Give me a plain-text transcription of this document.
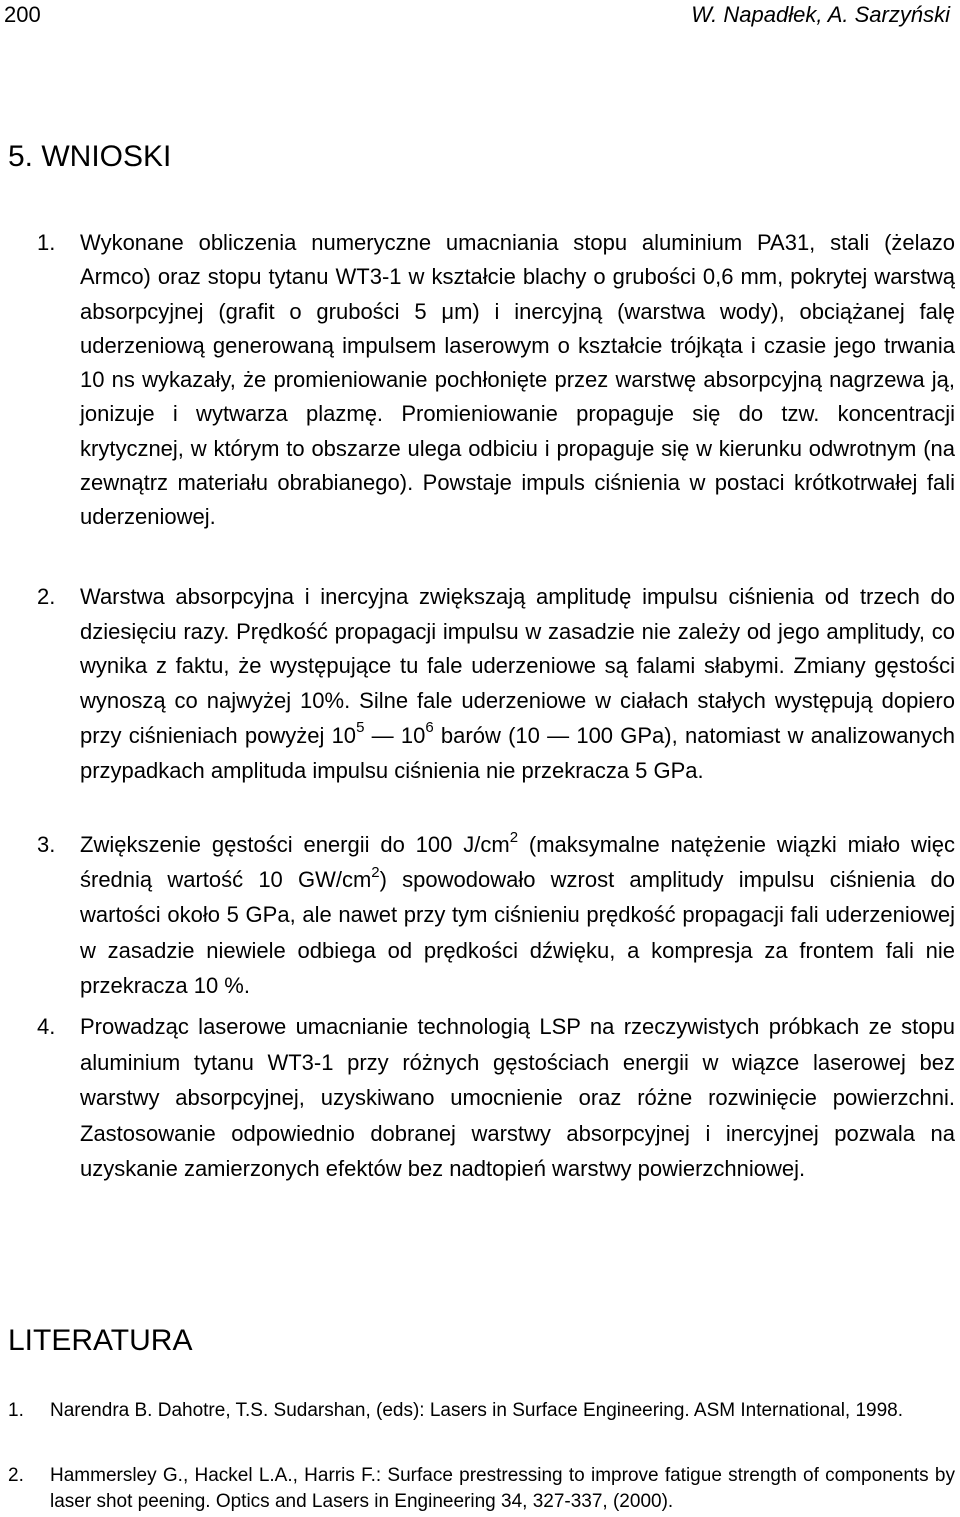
200	W. Napadłek, A. Sarzyński
5. WNIOSKI
1. Wykonane obliczenia numeryczne umacniania stopu aluminium PA31, stali (żelazo Armco) oraz stopu tytanu WT3-1 w kształcie blachy o grubości 0,6 mm, pokrytej warstwą absorpcyjnej (grafit o grubości 5 μm) i inercyjną (warstwa wody), obciążanej falę uderzeniową generowaną impulsem laserowym o kształcie trójkąta i czasie jego trwania 10 ns wykazały, że promieniowanie pochłonięte przez warstwę absorpcyjną nagrzewa ją, jonizuje i wytwarza plazmę. Promieniowanie propaguje się do tzw. koncentracji krytycznej, w którym to obszarze ulega odbiciu i propaguje się w kierunku odwrotnym (na zewnątrz materiału obrabianego). Powstaje impuls ciśnienia w postaci krótkotrwałej fali uderzeniowej.

2. Warstwa absorpcyjna i inercyjna zwiększają amplitudę impulsu ciśnienia od trzech do dziesięciu razy. Prędkość propagacji impulsu w zasadzie nie zależy od jego amplitudy, co wynika z faktu, że występujące tu fale uderzeniowe są falami słabymi. Zmiany gęstości wynoszą co najwyżej 10%. Silne fale uderzeniowe w ciałach stałych występują dopiero przy ciśnieniach powyżej $10^5$ — $10^6$ barów (10 — 100 GPa), natomiast w analizowanych przypadkach amplituda impulsu ciśnienia nie przekracza 5 GPa.

3. Zwiększenie gęstości energii do 100 $J/cm^2$ (maksymalne natężenie wiązki miało więc średnią wartość 10 $GW/cm^2$) spowodowało wzrost amplitudy impulsu ciśnienia do wartości około 5 GPa, ale nawet przy tym ciśnieniu prędkość propagacji fali uderzeniowej w zasadzie niewiele odbiega od prędkości dźwięku, a kompresja za frontem fali nie przekracza 10 %.

4. Prowadząc laserowe umacnianie technologią LSP na rzeczywistych próbkach ze stopu aluminium tytanu WT3-1 przy różnych gęstościach energii w wiązce laserowej bez warstwy absorpcyjnej, uzyskiwano umocnienie oraz różne rozwinięcie powierzchni. Zastosowanie odpowiednio dobranej warstwy absorpcyjnej i inercyjnej pozwala na uzyskanie zamierzonych efektów bez nadtopień warstwy powierzchniowej.

LITERATURA
1. Narendra B. Dahotre, T.S. Sudarshan, (eds): Lasers in Surface Engineering. ASM International, 1998.
2. Hammersley G., Hackel L.A., Harris F.: Surface prestressing to improve fatigue strength of components by laser shot peening. Optics and Lasers in Engineering 34, 327-337, (2000).
